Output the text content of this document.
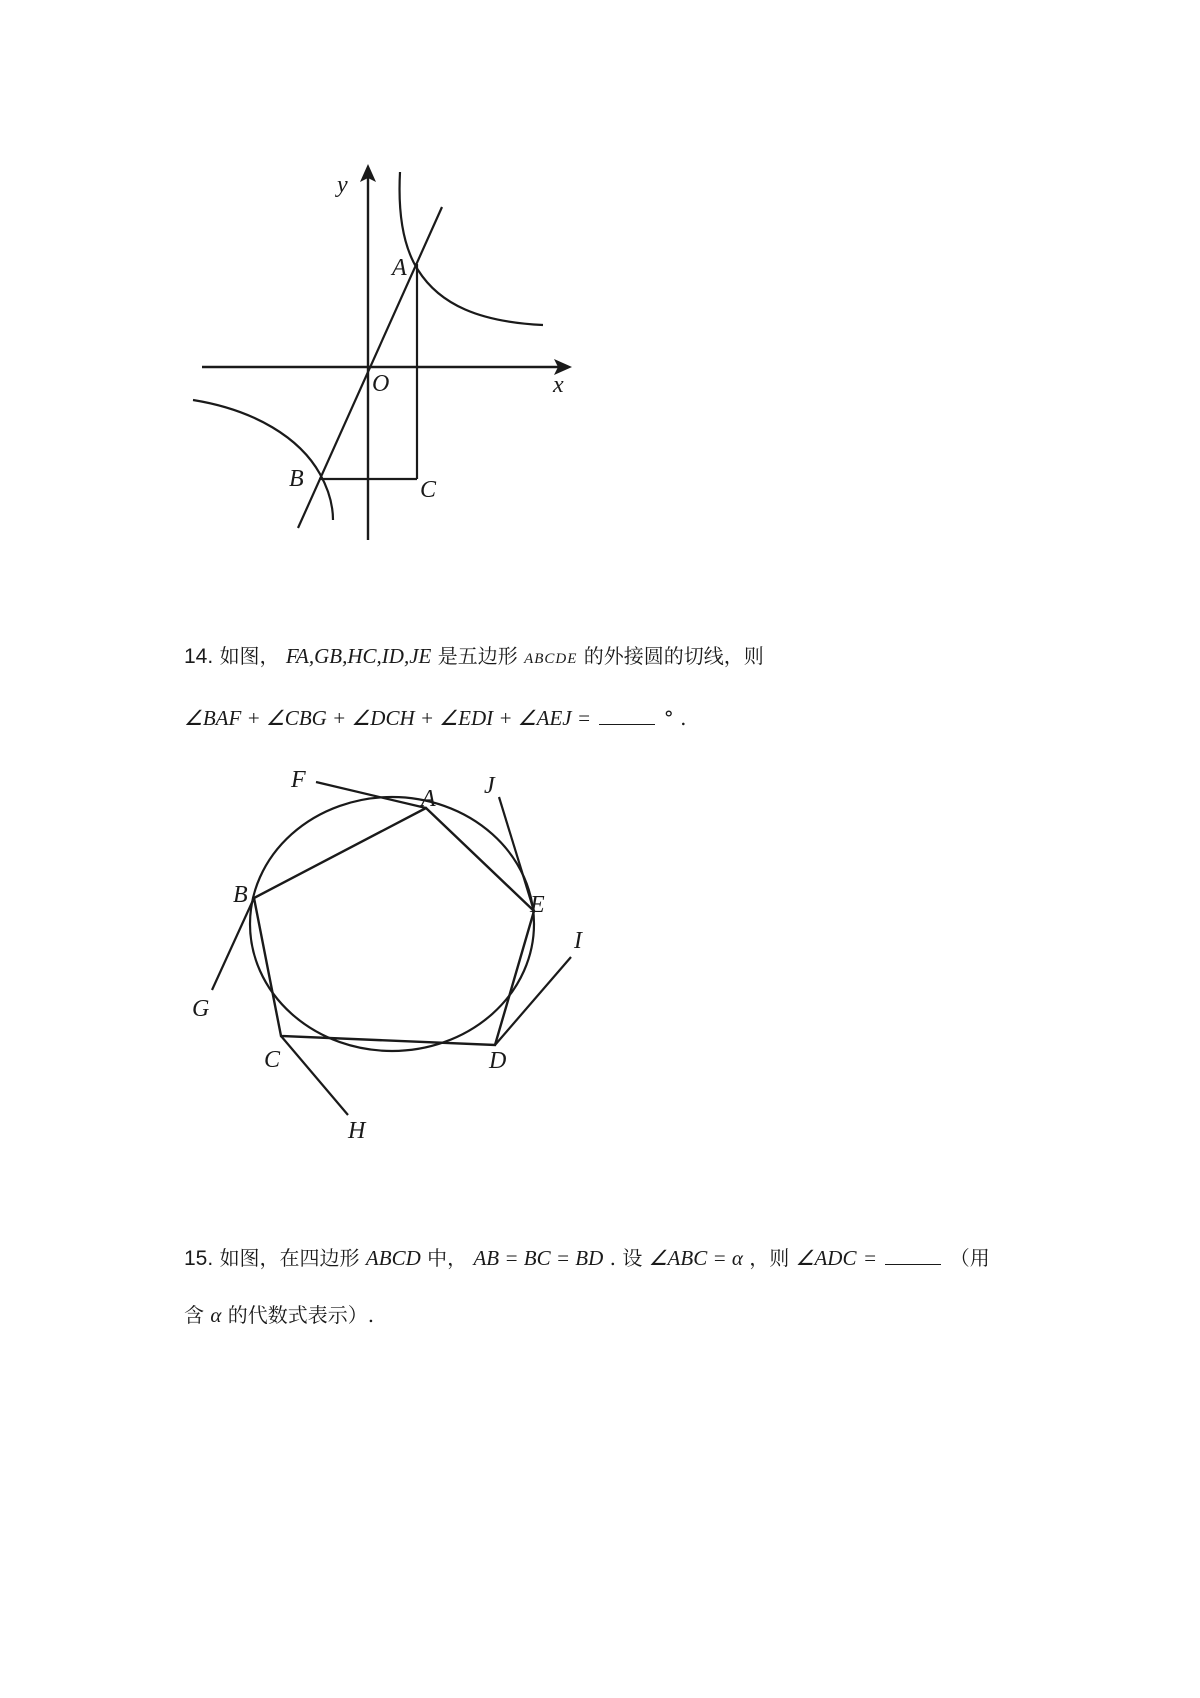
y
x
O
A
B	C
14. 如图， FA,GB,HC,ID,JE 是五边形 ABCDE 的外接圆的切线，则
∠BAF + ∠CBG + ∠DCH + ∠EDI + ∠AEJ =	° .
F
A J
B	E
I
G
C	D
H
15. 如图，在四边形 ABCD 中， AB = BC = BD . 设 ∠ABC = α ，则 ∠ADC =	（用
含 α 的代数式表示）.
